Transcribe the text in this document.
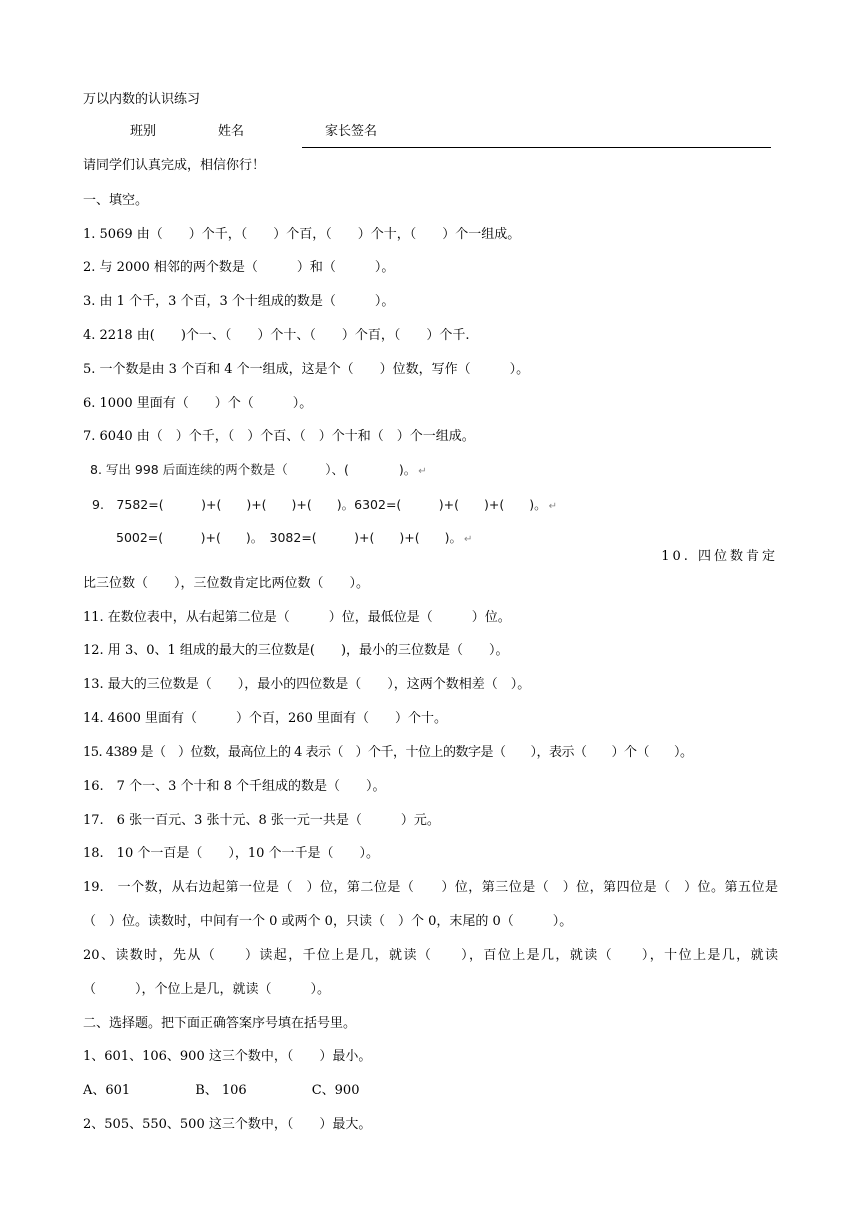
万以内数的认识练习
班别	姓名	家长签名
请同学们认真完成，相信你行！
一、填空。
1. 5069 由（　　）个千，（　　）个百，（　　）个十，（　　）个一组成。
2. 与 2000 相邻的两个数是（　　　）和（　　　）。
3. 由 1 个千，3 个百，3 个十组成的数是（　　　）。
4. 2218 由(　　)个一、（　　）个十、（　　）个百，（　　）个千.
5. 一个数是由 3 个百和 4 个一组成，这是个（　　）位数，写作（　　　）。
6. 1000 里面有（　　）个（　　　）。
7. 6040 由（　）个千，（　）个百、（　）个十和（　）个一组成。
8. 写出 998 后面连续的两个数是（　　　）、(　　　　)。 ↵
9.　7582=(　　　)+(　　)+(　　)+(　　)。6302=(　　　)+(　　)+(　　)。 ↵
5002=(　　　)+(　　)。　3082=(　　　)+(　　)+(　　)。 ↵
10. 四位数肯定
比三位数（　　），三位数肯定比两位数（　　）。
11. 在数位表中，从右起第二位是（　　　）位，最低位是（　　　）位。
12. 用 3、0、1 组成的最大的三位数是(　　)，最小的三位数是（　　）。
13. 最大的三位数是（　　），最小的四位数是（　　），这两个数相差（　）。
14. 4600 里面有（　　　）个百，260 里面有（　　）个十。
15. 4389 是（　）位数，最高位上的 4 表示（　）个千，十位上的数字是（　　），表示（　　）个（　　）。
16.　7 个一、3 个十和 8 个千组成的数是（　　）。
17.　6 张一百元、3 张十元、8 张一元一共是（　　　）元。
18.　10 个一百是（　　），10 个一千是（　　）。
19.　一个数，从右边起第一位是（　）位，第二位是（　　）位，第三位是（　）位，第四位是（　）位。第五位是（　）位。读数时，中间有一个 0 或两个 0，只读（　）个 0，末尾的 0（　　　）。
20、读数时，先从（　　）读起，千位上是几，就读（　　），百位上是几，就读（　　），十位上是几，就读（　　　），个位上是几，就读（　　　）。
二、选择题。把下面正确答案序号填在括号里。
1、601、106、900 这三个数中，（　　）最小。
A、601　　　　　B、 106　　　　　C、900
2、505、550、500 这三个数中，（　　）最大。
